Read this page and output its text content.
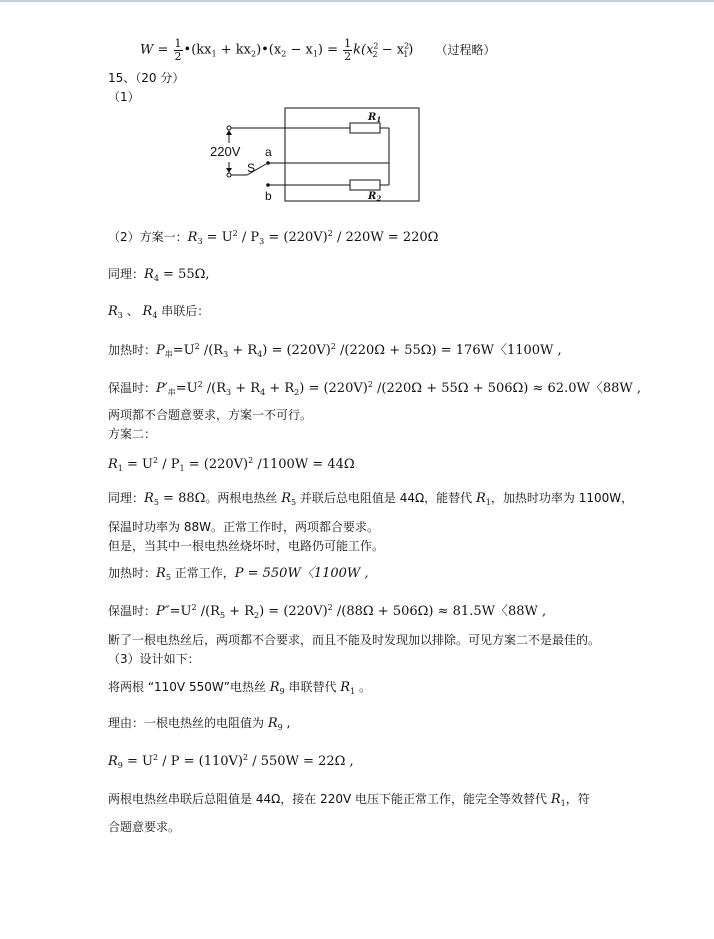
$W = \frac{1}{2}$ $•(kx_1$ + $kx_2)•(x_2 - x_1) = \frac{1}{2} k(x^2_2 - x^2_1)$ （过程略）
15、（20 分）
（1）
220V
S
a
b
$R_1$
$R_2$
（2）方案一：$R_3 = U^2 / P_3 = (220V)^2 / 220W = 220\Omega$
同理：$R_4 = 55\Omega$,
$R_3$ 、 $R_4$ 串联后：
加热时：$P_串=U^2$ $/(R_3 + R_4) = (220V)^2$ /(220Ω + 55Ω) = 176W〈1100W ,
保温时：$P'_串=U^2$ $/(R_3 + R_4 + R_2) = (220V)^2$ /(220Ω + 55Ω + 506Ω) ≈ 62.0W〈88W ,
两项都不合题意要求，方案一不可行。
方案二：
$R_1 = U^2 / P_1 = (220V)^2$ /1100W = 44Ω
同理：$R_5 = 88\Omega$。两根电热丝 $R_5$ 并联后总电阻值是 44Ω，能替代 $R_1$，加热时功率为 1100W，
保温时功率为 88W。正常工作时，两项都合要求。
但是，当其中一根电热丝烧坏时，电路仍可能工作。
加热时：$R_5$ 正常工作，P = 550W〈1100W ,
保温时：$P''=U^2$ $/(R_5 + R_2) = (220V)^2$ /(88Ω + 506Ω) ≈ 81.5W〈88W ,
断了一根电热丝后，两项都不合要求，而且不能及时发现加以排除。可见方案二不是最佳的。
（3）设计如下：
将两根 “110V 550W”电热丝 $R_9$ 串联替代 $R_1$ 。
理由：一根电热丝的电阻值为 $R_9$ ,
$R_9 = U^2 / P = (110V)^2 / 550W = 22\Omega$ ,
两根电热丝串联后总阻值是 44Ω，接在 220V 电压下能正常工作，能完全等效替代 $R_1$，符
合题意要求。
